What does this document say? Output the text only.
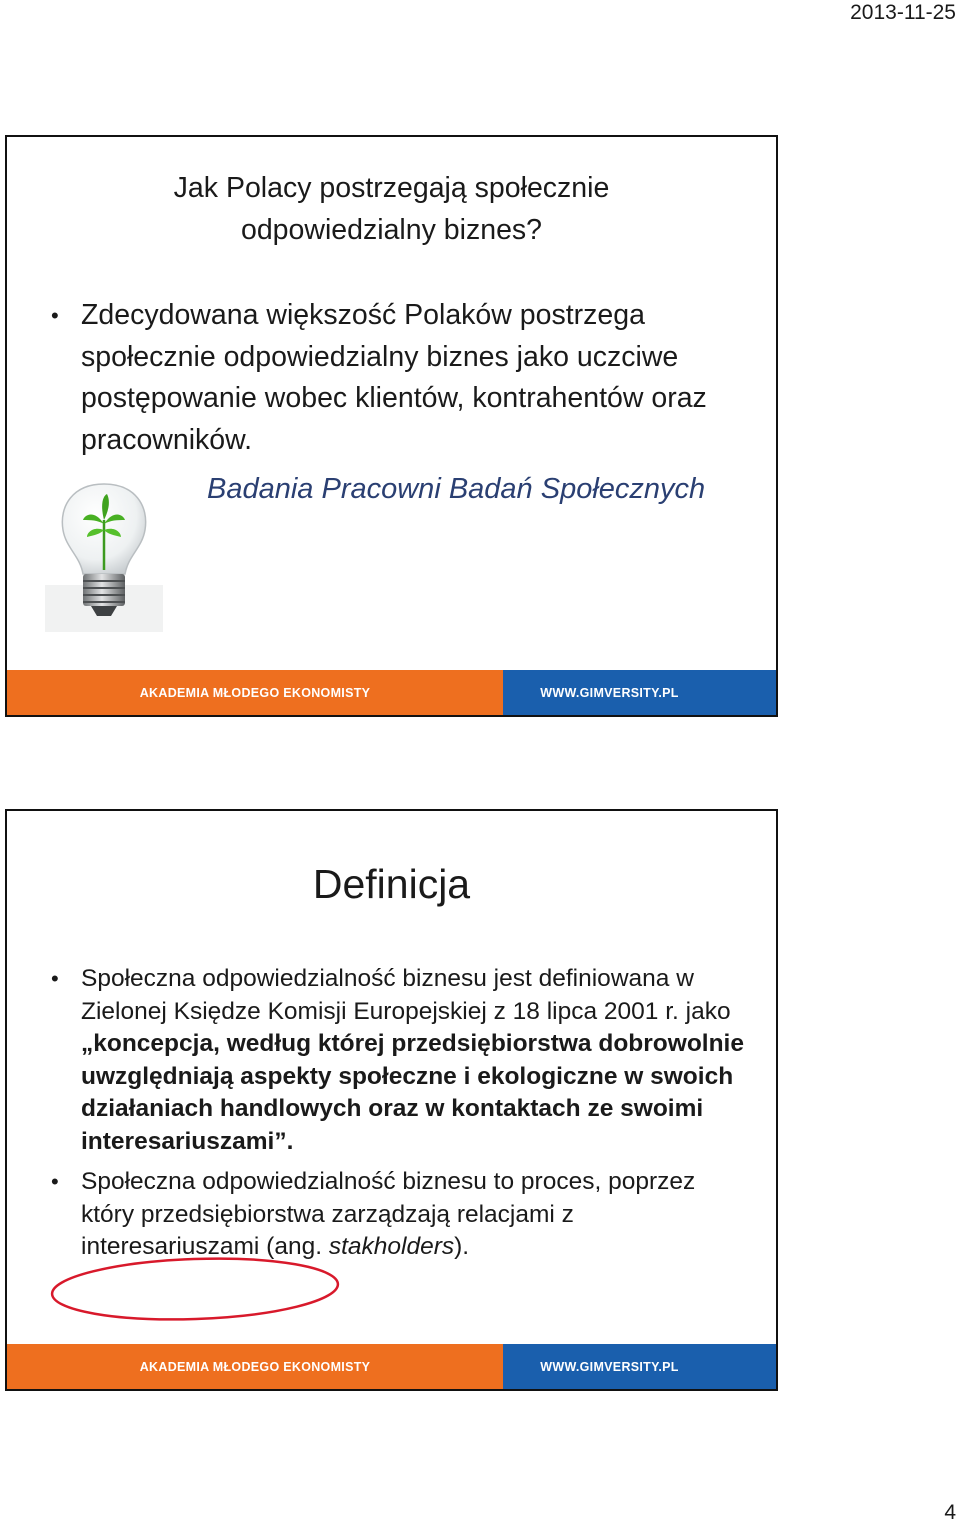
2013-11-25
Jak Polacy postrzegają społecznie
odpowiedzialny biznes?
• Zdecydowana większość Polaków postrzega społecznie odpowiedzialny biznes jako uczciwe postępowanie wobec klientów, kontrahentów oraz pracowników.
Badania Pracowni Badań Społecznych
AKADEMIA MŁODEGO EKONOMISTY	WWW.GIMVERSITY.PL
Definicja
• Społeczna odpowiedzialność biznesu jest definiowana w Zielonej Księdze Komisji Europejskiej z 18 lipca 2001 r. jako „koncepcja, według której przedsiębiorstwa dobrowolnie uwzględniają aspekty społeczne i ekologiczne w swoich działaniach handlowych oraz w kontaktach ze swoimi interesariuszami”.
• Społeczna odpowiedzialność biznesu to proces, poprzez który przedsiębiorstwa zarządzają relacjami z interesariuszami (ang. stakholders).
AKADEMIA MŁODEGO EKONOMISTY	WWW.GIMVERSITY.PL
4
